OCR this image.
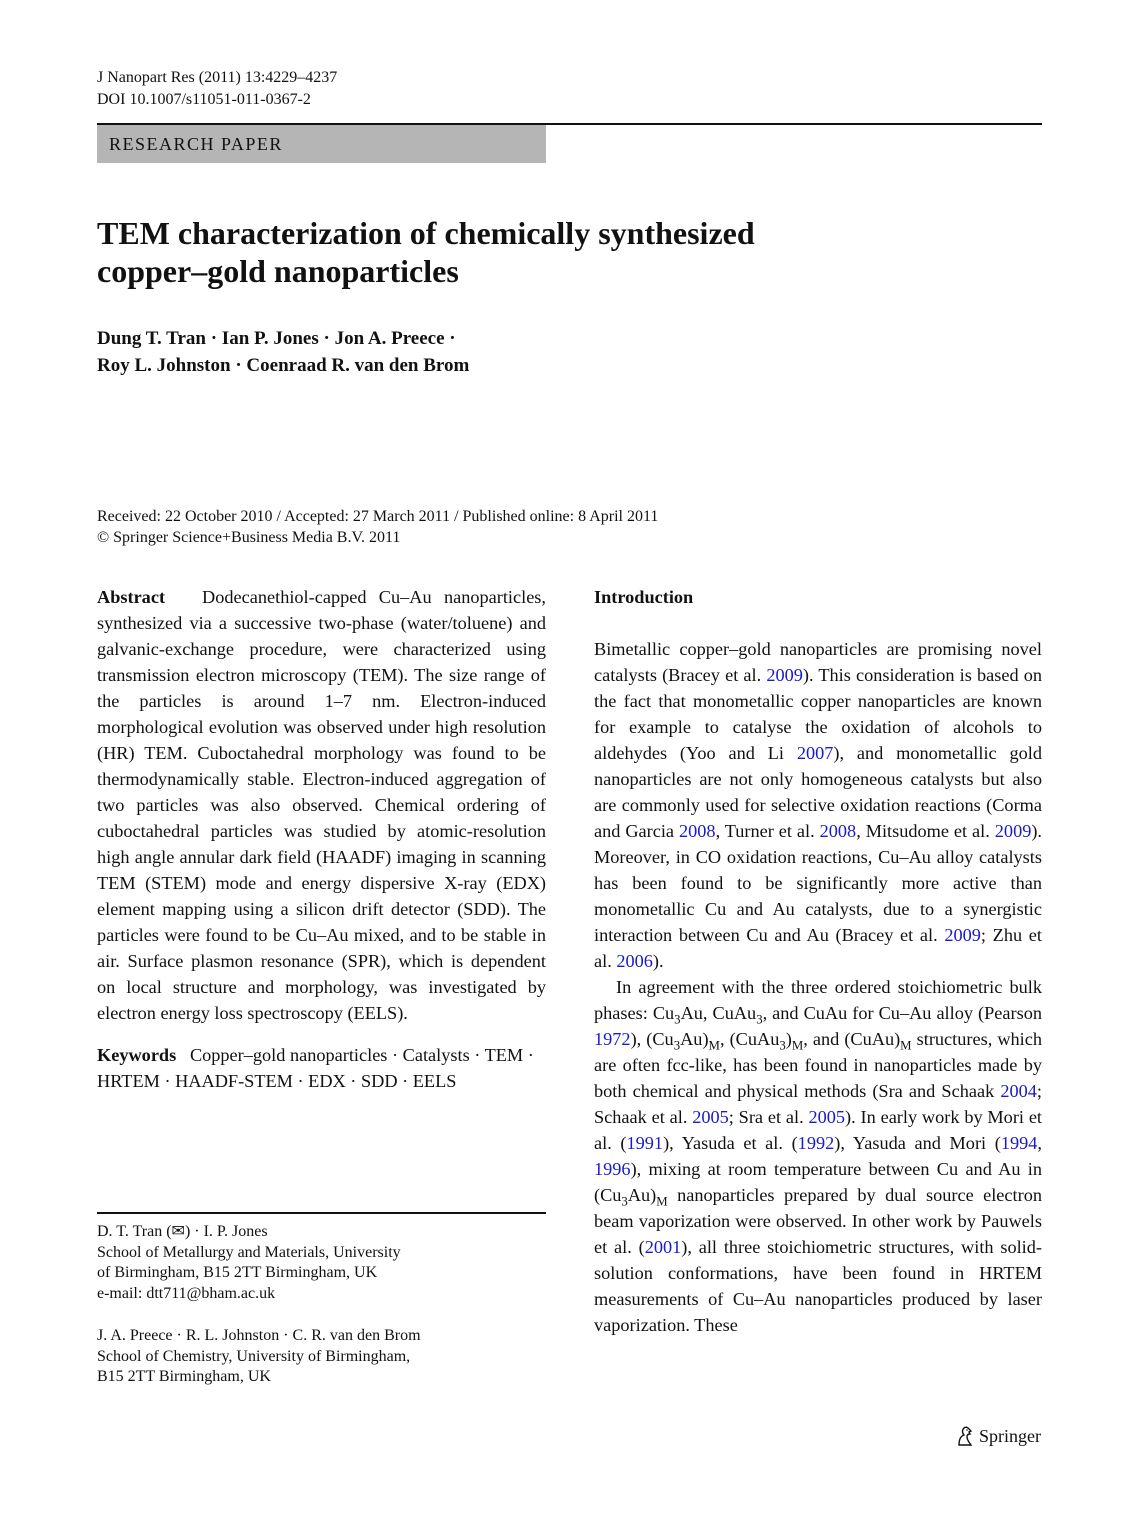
J Nanopart Res (2011) 13:4229–4237
DOI 10.1007/s11051-011-0367-2
RESEARCH PAPER
TEM characterization of chemically synthesized
copper–gold nanoparticles
Dung T. Tran · Ian P. Jones · Jon A. Preece ·
Roy L. Johnston · Coenraad R. van den Brom
Received: 22 October 2010 / Accepted: 27 March 2011 / Published online: 8 April 2011
© Springer Science+Business Media B.V. 2011

Abstract Dodecanethiol-capped Cu–Au nanoparticles, synthesized via a successive two-phase (water/toluene) and galvanic-exchange procedure, were characterized using transmission electron microscopy (TEM). The size range of the particles is around 1–7 nm. Electron-induced morphological evolution was observed under high resolution (HR) TEM. Cuboctahedral morphology was found to be thermodynamically stable. Electron-induced aggregation of two particles was also observed. Chemical ordering of cuboctahedral particles was studied by atomic-resolution high angle annular dark field (HAADF) imaging in scanning TEM (STEM) mode and energy dispersive X-ray (EDX) element mapping using a silicon drift detector (SDD). The particles were found to be Cu–Au mixed, and to be stable in air. Surface plasmon resonance (SPR), which is dependent on local structure and morphology, was investigated by electron energy loss spectroscopy (EELS).

Keywords Copper–gold nanoparticles · Catalysts · TEM · HRTEM · HAADF-STEM · EDX · SDD · EELS

D. T. Tran (✉) · I. P. Jones

School of Metallurgy and Materials, University

of Birmingham, B15 2TT Birmingham, UK

e-mail: dtt711@bham.ac.uk

J. A. Preece · R. L. Johnston · C. R. van den Brom

School of Chemistry, University of Birmingham,

B15 2TT Birmingham, UK

Introduction

Bimetallic copper–gold nanoparticles are promising novel catalysts (Bracey et al. 2009). This consideration is based on the fact that monometallic copper nanoparticles are known for example to catalyse the oxidation of alcohols to aldehydes (Yoo and Li 2007), and monometallic gold nanoparticles are not only homogeneous catalysts but also are commonly used for selective oxidation reactions (Corma and Garcia 2008, Turner et al. 2008, Mitsudome et al. 2009). Moreover, in CO oxidation reactions, Cu–Au alloy catalysts has been found to be significantly more active than monometallic Cu and Au catalysts, due to a synergistic interaction between Cu and Au (Bracey et al. 2009; Zhu et al. 2006).

In agreement with the three ordered stoichiometric bulk phases: $Cu_3Au$, CuAu$_3$, and CuAu for Cu–Au alloy (Pearson 1972), $(Cu_3Au)_M$, $(CuAu_3)_M$, and $(CuAu)_M$ structures, which are often fcc-like, has been found in nanoparticles made by both chemical and physical methods (Sra and Schaak 2004; Schaak et al. 2005; Sra et al. 2005). In early work by Mori et al. (1991), Yasuda et al. (1992), Yasuda and Mori (1994, 1996), mixing at room temperature between Cu and Au in $(Cu_3Au)_M$ nanoparticles prepared by dual source electron beam vaporization were observed. In other work by Pauwels et al. (2001), all three stoichiometric structures, with solid-solution conformations, have been found in HRTEM measurements of Cu–Au nanoparticles produced by laser vaporization. These

Springer
